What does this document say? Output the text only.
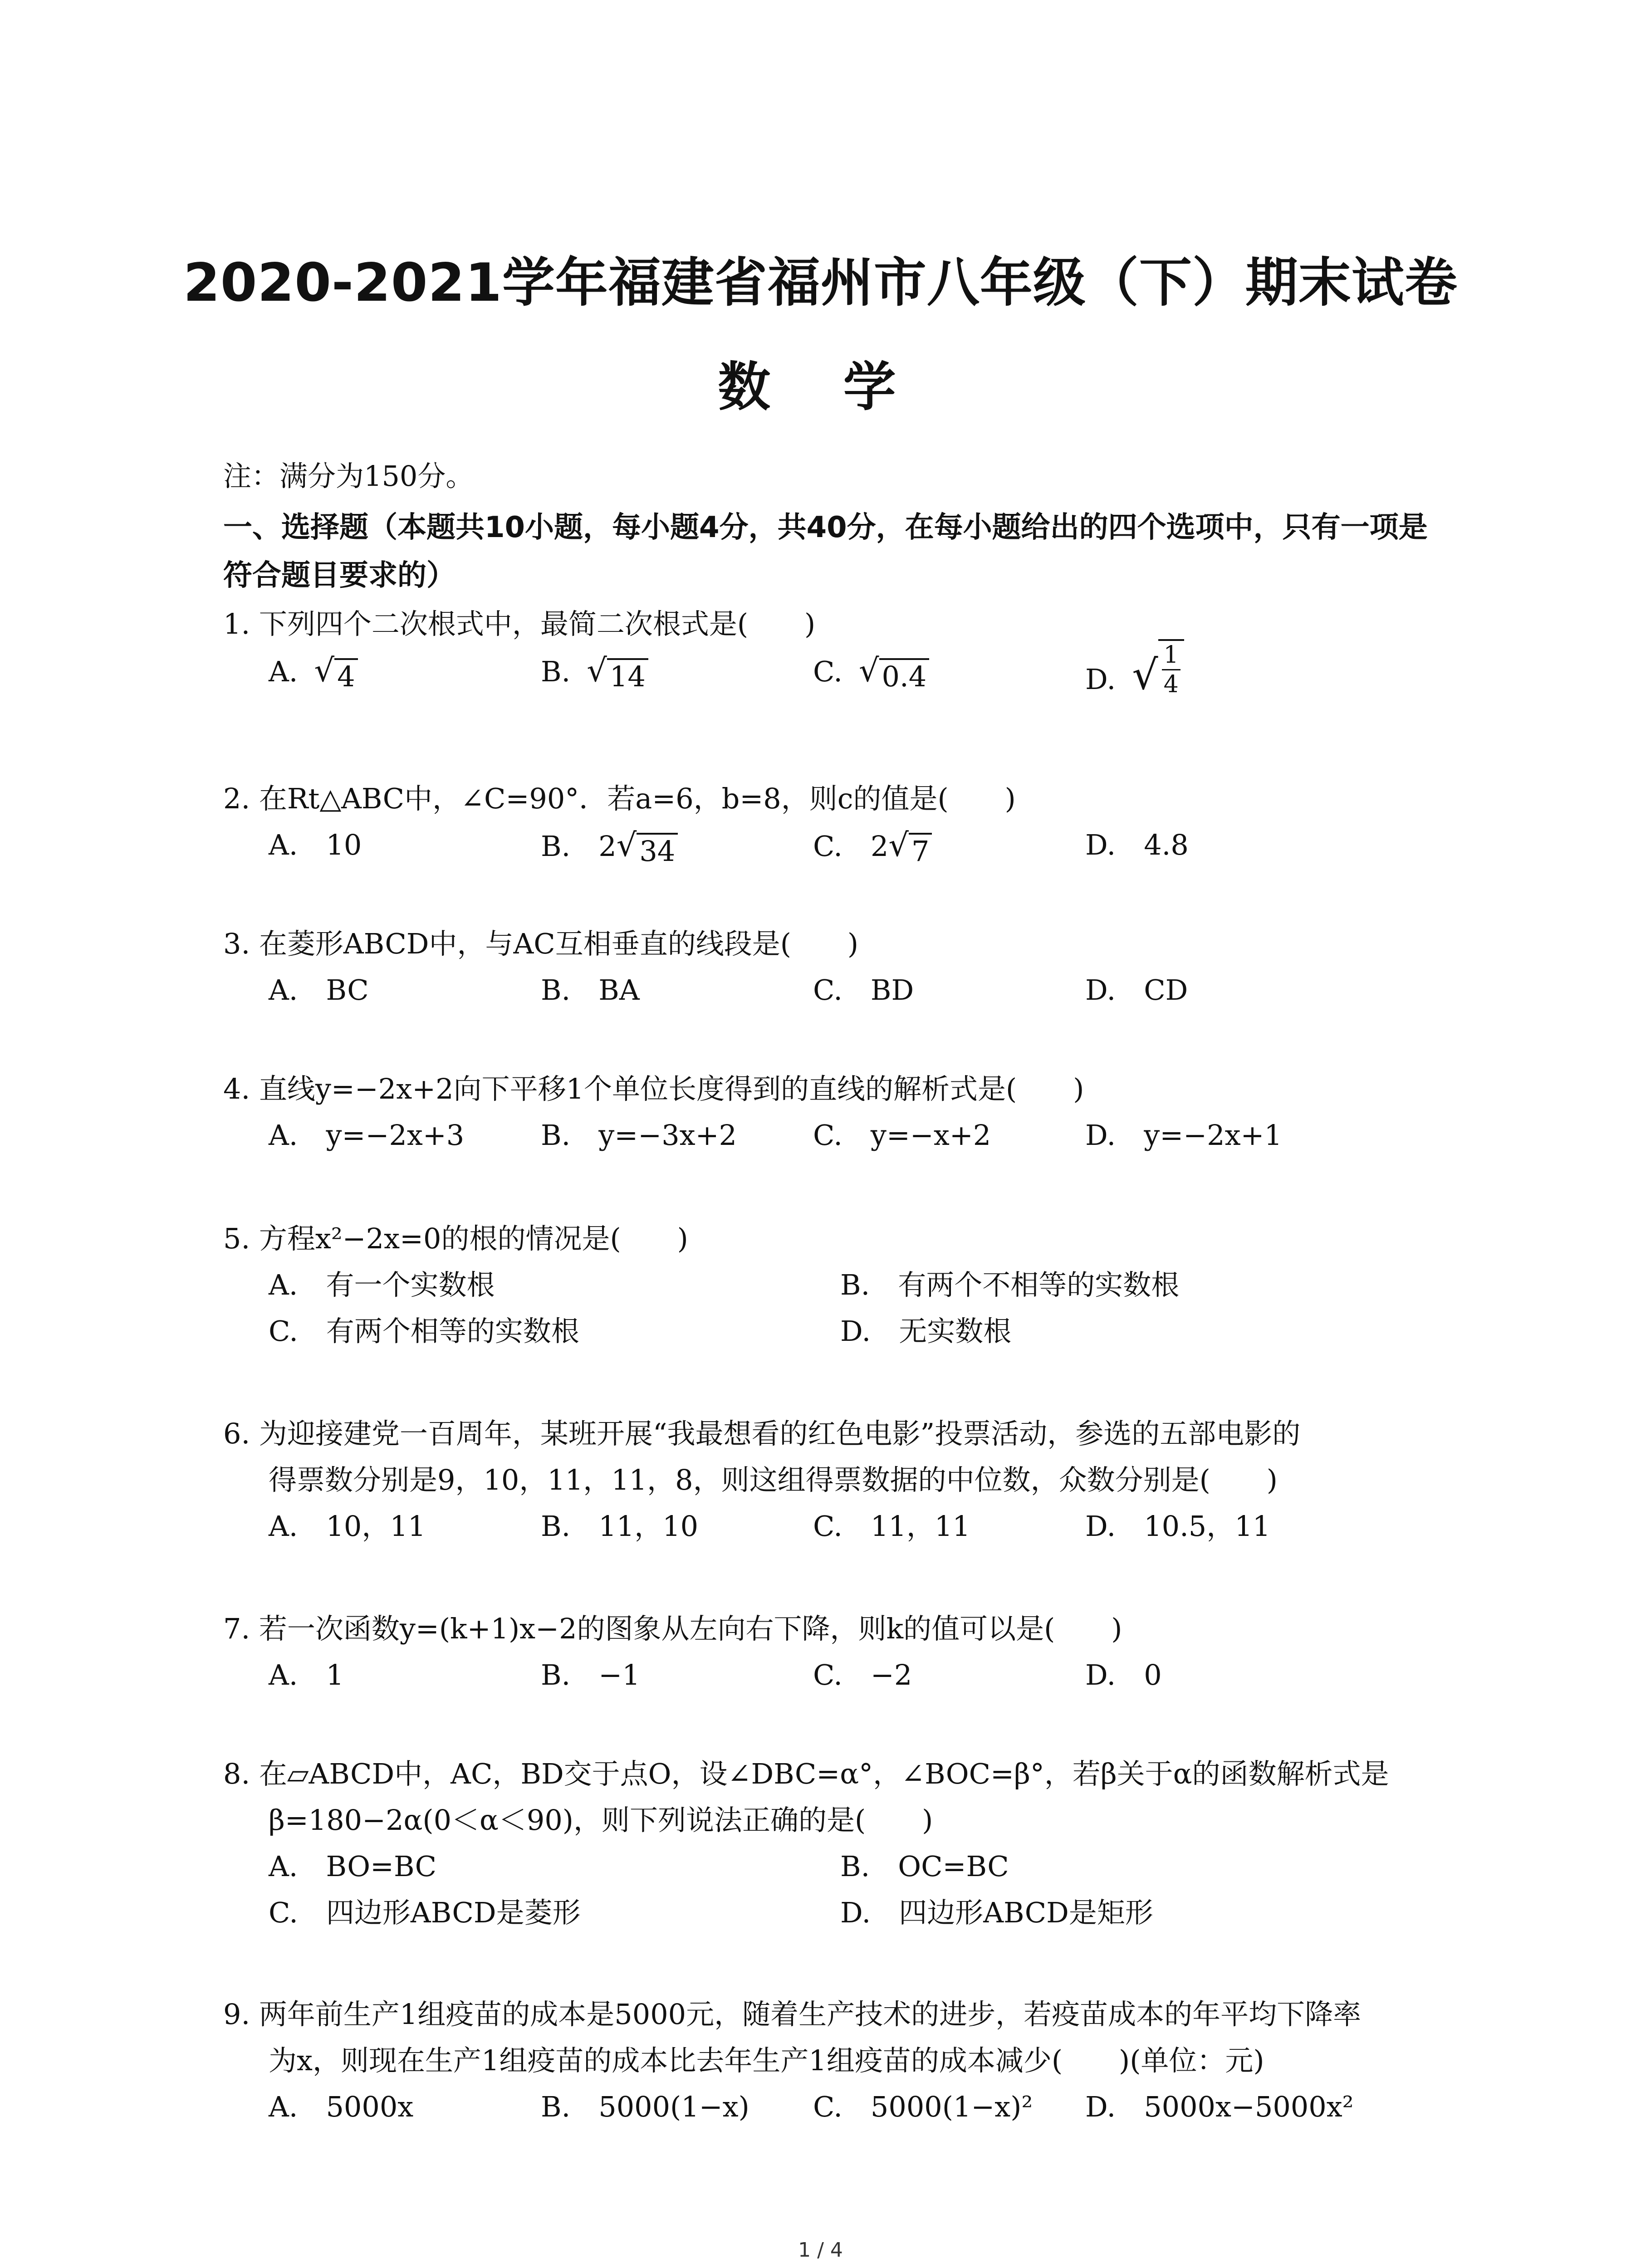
2020-2021学年福建省福州市八年级（下）期末试卷
数 学
注：满分为150分。
一、选择题（本题共10小题，每小题4分，共40分，在每小题给出的四个选项中，只有一项是符合题目要求的）
1. 下列四个二次根式中，最简二次根式是(　　)
A. √ 4	B. √ 14	C. √ 0.4	D. √ $\frac{1}{4}$
2. 在Rt△ABC中，∠C=90°．若a=6，b=8，则c的值是(　　)
A.　10	B.　2 √ 34	C.　2 √ 7	D.　4.8
3. 在菱形ABCD中，与AC互相垂直的线段是(　　)
A.　BC	B.　BA	C.　BD	D.　CD
4. 直线y=−2x+2向下平移1个单位长度得到的直线的解析式是(　　)
A.　y=−2x+3	B.　y=−3x+2	C.　y=−x+2	D.　y=−2x+1
5. 方程x²−2x=0的根的情况是(　　)
A.　有一个实数根	B.　有两个不相等的实数根
C.　有两个相等的实数根	D.　无实数根
6. 为迎接建党一百周年，某班开展“我最想看的红色电影”投票活动，参选的五部电影的
得票数分别是9，10，11，11，8，则这组得票数据的中位数，众数分别是(　　)
A.　10，11	B.　11，10	C.　11，11	D.　10.5，11
7. 若一次函数y=(k+1)x−2的图象从左向右下降，则k的值可以是(　　)
A.　1	B.　−1	C.　−2	D.　0
8. 在▱ABCD中，AC，BD交于点O，设∠DBC=α°，∠BOC=β°，若β关于α的函数解析式是
β=180−2α(0＜α＜90)，则下列说法正确的是(　　)
A.　BO=BC	B.　OC=BC
C.　四边形ABCD是菱形	D.　四边形ABCD是矩形
9. 两年前生产1组疫苗的成本是5000元，随着生产技术的进步，若疫苗成本的年平均下降率
为x，则现在生产1组疫苗的成本比去年生产1组疫苗的成本减少(　　)(单位：元)
A.　5000x	B.　5000(1−x) C.　5000(1−x)² D.　5000x−5000x²
1 / 4
